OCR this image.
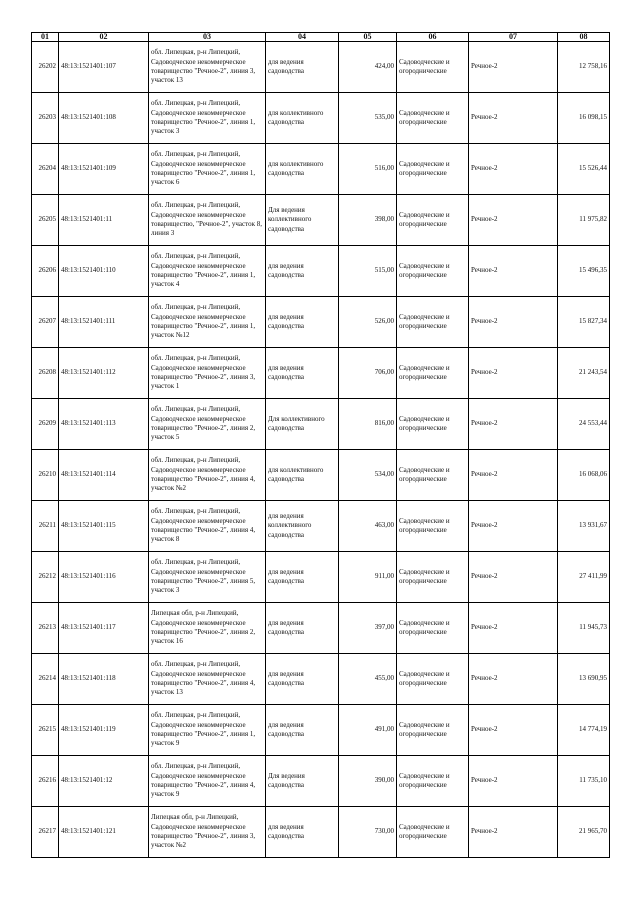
01	02	03	04	05	06	07	08
26202	48:13:1521401:107	обл. Липецкая, р-н Липецкий, Садоводческое некоммерческое товарищество "Речное-2", линия 3, участок 13	для ведения садоводства	424,00	Садоводческие и огороднические	Речное-2	12 758,16
26203	48:13:1521401:108	обл. Липецкая, р-н Липецкий, Садоводческое некоммерческое товарищество "Речное-2", линия 1, участок 3	для коллективного садоводства	535,00	Садоводческие и огороднические	Речное-2	16 098,15
26204	48:13:1521401:109	обл. Липецкая, р-н Липецкий, Садоводческое некоммерческое товарищество "Речное-2", линия 1, участок 6	для коллективного садоводства	516,00	Садоводческие и огороднические	Речное-2	15 526,44
26205	48:13:1521401:11	обл. Липецкая, р-н Липецкий, Садоводческое некоммерческое товарищество, "Речное-2", участок 8, линия 3	Для ведения коллективного садоводства	398,00	Садоводческие и огороднические	Речное-2	11 975,82
26206	48:13:1521401:110	обл. Липецкая, р-н Липецкий, Садоводческое некоммерческое товарищество "Речное-2", линия 1, участок 4	для ведения садоводства	515,00	Садоводческие и огороднические	Речное-2	15 496,35
26207	48:13:1521401:111	обл. Липецкая, р-н Липецкий, Садоводческое некоммерческое товарищество "Речное-2", линия 1, участок №12	для ведения садоводства	526,00	Садоводческие и огороднические	Речное-2	15 827,34
26208	48:13:1521401:112	обл. Липецкая, р-н Липецкий, Садоводческое некоммерческое товарищество "Речное-2", линия 3, участок 1	для ведения садоводства	706,00	Садоводческие и огороднические	Речное-2	21 243,54
26209	48:13:1521401:113	обл. Липецкая, р-н Липецкий, Садоводческое некоммерческое товарищество "Речное-2", линия 2, участок 5	Для коллективного садоводства	816,00	Садоводческие и огороднические	Речное-2	24 553,44
26210	48:13:1521401:114	обл. Липецкая, р-н Липецкий, Садоводческое некоммерческое товарищество "Речное-2", линия 4, участок №2	для коллективного садоводства	534,00	Садоводческие и огороднические	Речное-2	16 068,06
26211	48:13:1521401:115	обл. Липецкая, р-н Липецкий, Садоводческое некоммерческое товарищество "Речное-2", линия 4, участок 8	для ведения коллективного садоводства	463,00	Садоводческие и огороднические	Речное-2	13 931,67
26212	48:13:1521401:116	обл. Липецкая, р-н Липецкий, Садоводческое некоммерческое товарищество "Речное-2", линия 5, участок 3	для ведения садоводства	911,00	Садоводческие и огороднические	Речное-2	27 411,99
26213	48:13:1521401:117	Липецкая обл, р-н Липецкий, Садоводческое некоммерческое товарищество "Речное-2", линия 2, участок 16	для ведения садоводства	397,00	Садоводческие и огороднические	Речное-2	11 945,73
26214	48:13:1521401:118	обл. Липецкая, р-н Липецкий, Садоводческое некоммерческое товарищество "Речное-2", линия 4, участок 13	для ведения садоводства	455,00	Садоводческие и огороднические	Речное-2	13 690,95
26215	48:13:1521401:119	обл. Липецкая, р-н Липецкий, Садоводческое некоммерческое товарищество "Речное-2", линия 1, участок 9	для ведения садоводства	491,00	Садоводческие и огороднические	Речное-2	14 774,19
26216	48:13:1521401:12	обл. Липецкая, р-н Липецкий, Садоводческое некоммерческое товарищество "Речное-2", линия 4, участок 9	Для ведения садоводства	390,00	Садоводческие и огороднические	Речное-2	11 735,10
26217	48:13:1521401:121	Липецкая обл, р-н Липецкий, Садоводческое некоммерческое товарищество "Речное-2", линия 3, участок №2	для ведения садоводства	730,00	Садоводческие и огороднические	Речное-2	21 965,70
